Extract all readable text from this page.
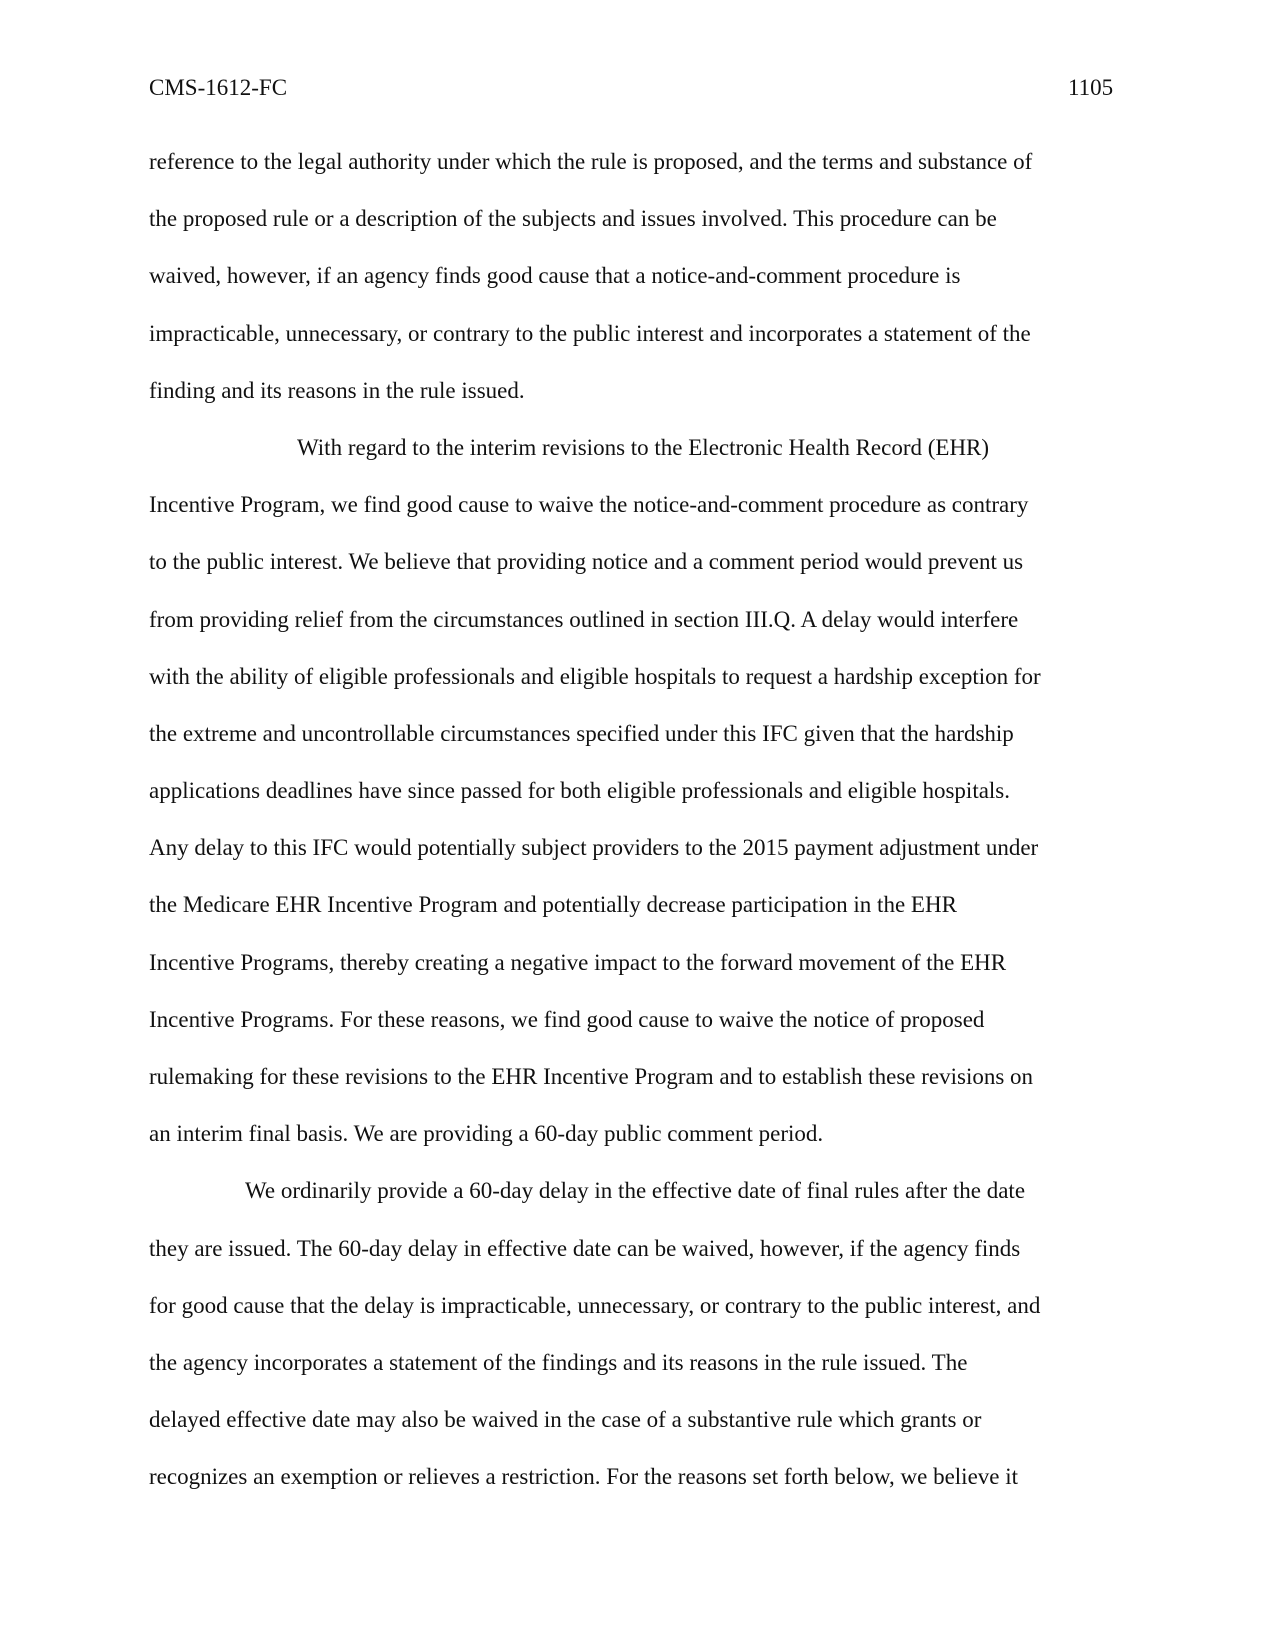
CMS-1612-FC	1105
reference to the legal authority under which the rule is proposed, and the terms and substance of
the proposed rule or a description of the subjects and issues involved. This procedure can be
waived, however, if an agency finds good cause that a notice-and-comment procedure is
impracticable, unnecessary, or contrary to the public interest and incorporates a statement of the
finding and its reasons in the rule issued.
With regard to the interim revisions to the Electronic Health Record (EHR)
Incentive Program, we find good cause to waive the notice-and-comment procedure as contrary
to the public interest. We believe that providing notice and a comment period would prevent us
from providing relief from the circumstances outlined in section III.Q. A delay would interfere
with the ability of eligible professionals and eligible hospitals to request a hardship exception for
the extreme and uncontrollable circumstances specified under this IFC given that the hardship
applications deadlines have since passed for both eligible professionals and eligible hospitals.
Any delay to this IFC would potentially subject providers to the 2015 payment adjustment under
the Medicare EHR Incentive Program and potentially decrease participation in the EHR
Incentive Programs, thereby creating a negative impact to the forward movement of the EHR
Incentive Programs. For these reasons, we find good cause to waive the notice of proposed
rulemaking for these revisions to the EHR Incentive Program and to establish these revisions on
an interim final basis. We are providing a 60-day public comment period.
We ordinarily provide a 60-day delay in the effective date of final rules after the date
they are issued. The 60-day delay in effective date can be waived, however, if the agency finds
for good cause that the delay is impracticable, unnecessary, or contrary to the public interest, and
the agency incorporates a statement of the findings and its reasons in the rule issued. The
delayed effective date may also be waived in the case of a substantive rule which grants or
recognizes an exemption or relieves a restriction. For the reasons set forth below, we believe it
